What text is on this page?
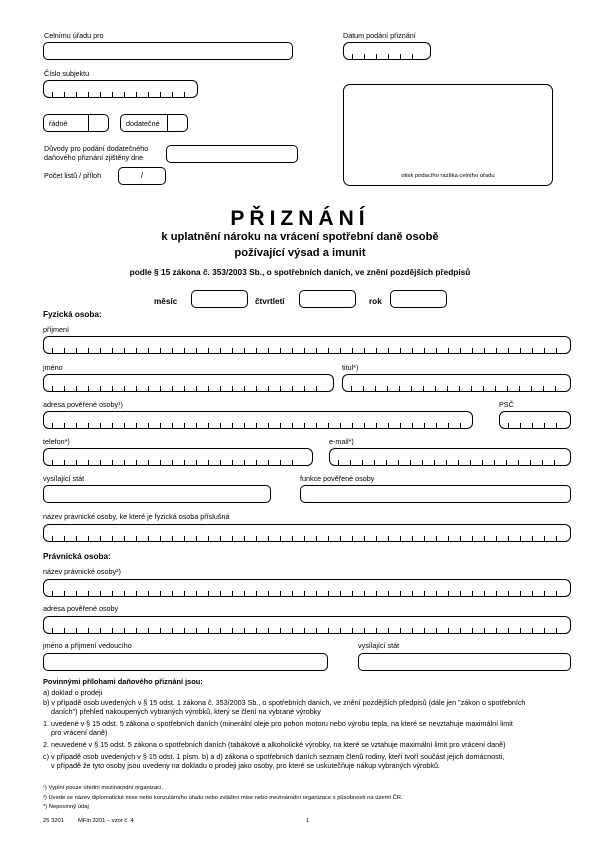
Celnímu úřadu pro	Datum podání přiznání
Číslo subjektu
řádné	dodatečné
Důvody pro podání dodatečného
daňového přiznání zjištěny dne
Počet listů / příloh	/	otisk podacího razítka celního úřadu
PŘIZNÁNÍ
k uplatnění nároku na vrácení spotřební daně osobě
požívající výsad a imunit
podle § 15 zákona č. 353/2003 Sb., o spotřebních daních, ve znění pozdějších předpisů
měsíc	čtvrtletí	rok
Fyzická osoba:
příjmení
jméno	titul*)
adresa pověřené osoby¹)	PSČ
telefon*)	e-mail*)
vysílající stát	funkce pověřené osoby
název právnické osoby, ke které je fyzická osoba příslušná
Právnická osoba:
název právnické osoby²)
adresa pověřené osoby
jméno a příjmení vedoucího	vysílající stát
Povinnými přílohami daňového přiznání jsou:
a) doklad o prodeji
b) v případě osob uvedených v § 15 odst. 1 zákona č. 353/2003 Sb., o spotřebních daních, ve znění pozdějších předpisů (dále jen "zákon o spotřebních
daních") přehled nakoupených vybraných výrobků, který se člení na vybrané výrobky
1. uvedené v § 15 odst. 5 zákona o spotřebních daních (minerální oleje pro pohon motoru nebo výrobu tepla, na které se nevztahuje maximální limit
pro vrácení daně)
2. neuvedené v § 15 odst. 5 zákona o spotřebních daních (tabákové a alkoholické výrobky, na které se vztahuje maximální limit pro vrácení daně)
c) v případě osob uvedených v § 15 odst. 1 písm. b) a d) zákona o spotřebních daních seznam členů rodiny, kteří tvoří součást jejich domácnosti,
v případě že tyto osoby jsou uvedeny na dokladu o prodeji jako osoby, pro které se uskutečňuje nákup vybraných výrobků.
¹) Vyplní pouze úřední mezinárodní organizaci.
²) Uvede se název diplomatické mise nebo konzulárního úřadu nebo zvláštní mise nebo mezinárodní organizace s působností na území ČR.
*) Nepovinný údaj
25 3201 MFin 3201 – vzor č. 4	1
